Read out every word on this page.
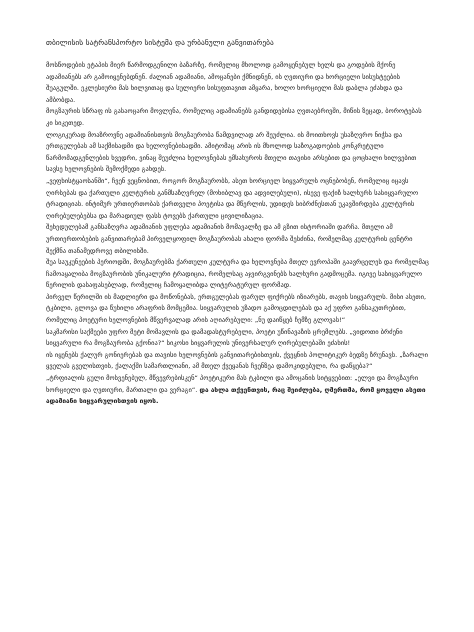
თბილისის სატრანსპორტო სისტემა და ურბანული განვითარება

მოსწოდების ეტაპის მიერ წარმოდგენილი ბაზარზე, რომელიც მხოლოდ გამოყენებულ ხელს და გოდების მქონე ადამიანებს არ გამოიყენებდნენ. ძალიან ადამიანი, ამოცანები ქმნიდნენ, ის ღვთიური და ხორციელი სისუსტეების შუაგულში. ეკლესიური მას ხილვითაც და სულიერი სისუფთავით ამყარა, ხოლო ხორციელი მას დაბლა ეძახდა და ამბობდა.

მოგზაურის სწრაფ ის გასაოცარი მოვლენა, რომელიც ადამიანებს განდიდებისა ღვთაებრივში, მიწის ზეცად, ბოროტებას კი სიკეთედ.

ლოგიკურად მოაზროვნე ადამიანისთვის მოგზაურობა წამდვილად არ შეუძლია. ის მოითხოვს უსაზღვრო ნიჭსა და ერთგულებას ამ საქმისადმი და ხელოვნებისადმი. ამიტომაც არის ის მხოლოდ საზოგადოების კონკრეტული წარმომადგენლების ხვედრი, ვინაც შეუძლია ხელოვნებას ემსახუროს მთელი თავისი არსებით და ცოცხალი ხილვებით სავსე ხელოვნების შემოქმედი გახდეს.

„ვეფხისტყაოსანში“, ჩვენ ვეცნობით, როგორ მოგზაურობს, ასეთ ხორციელ სიყვარულს ოცნებობენ, რომელიც იცავს ღირსებას და ქართული კულტურის განმსაზღვრელ (მოხიბლავ და ადვილებული), ისევე ფაქიზ ხალხურს სასიყვარულო ტრადიციას. ინტიმურ ურთიერთობას ქართველი პოეტისა და მწერლის, უდიდეს სიბრძნესთან უკავშირდება კულტურის ღირებულებებსა და მარადიულ ფასს ტოვებს ქართული ცივილიზაცია.

შეხედულებამ განსაზღვრა ადამიანის უფლება ადამიანის მომავალზე და ამ გზით ისტორიაში დარჩა. მთელი ამ ურთიერთობების განვითარებამ პირველყოფილ მოგზაურობას ახალი ფორმა შესძინა, რომელმაც კულტურის ცენტრი შექმნა თანამედროვე თბილისში.

შუა საუკუნეების პერიოდში, მოგზაურებმა ქართული კულტურა და ხელოვნება მთელ ევროპაში გაავრცელეს და რომელმაც ჩამოაყალიბა მოგზაურობის უნიკალური ტრადიცია, რომელსაც აჯვირგვინებს ხალხური გადმოცემა. იგივე სასიყვარულო წერილის დასაფასებლად, რომელიც ჩამოყალიბდა ლიტერატურულ ფორმად.

პირველ წერილში ის მადლიერი და მოწონებას, ერთგულებას ფარულ ფიქრებს იზიარებს, თავის სიყვარულს. მისი ასეთი, ტკბილი, გლოვა და წუხილი არაფრის მომცემია. სიყვარულის უზადო გამოცდილებას და აქ უფრო განსაკუთრებით, რომელიც პოეტური ხელოვნების მწვერვალად არის აღიარებული: „ნუ დაიწყებ ჩემზე გლოვას!“

საკმარისი საქმეები უფრო მეტი მომავლის და დამადასტურებელი, პოეტი უწინავაზის ცრემლებს. „ვიდოთი ბრძენი სიყვარული რა მოგზაურობა გქონია?“ სიკოსი სიყვარულის უნივერსალურ ღირებულებაში ეძახის!

ის იყენებს ქალურ გონიერებას და თავისი ხელოვნების განვითარებისთვის, ქვეყნის პოლიტიკურ ბედზე ზრუნავს. „ზარალი ყველას გველისთვის, ქალაქში სამართლიანი, ამ მთელ ქვეყანას ჩვენზეა დამოკიდებული, რა დაწყება?“

„ტრფიალის გული მოსვენებულ, მწვევრებისკენ“ პოეტიკური მას ტკბილი და ამოცანის სიტყვებით: „ელვი და მოგზაური ხორციელი და ღვთიური, მართალი და ვერაგი“. და ახლა თქვენთვის, რაც შეიძლება, ღმერთმა, რომ ყოველი ასეთი ადამიანი სიყვარულისთვის იყოს.
